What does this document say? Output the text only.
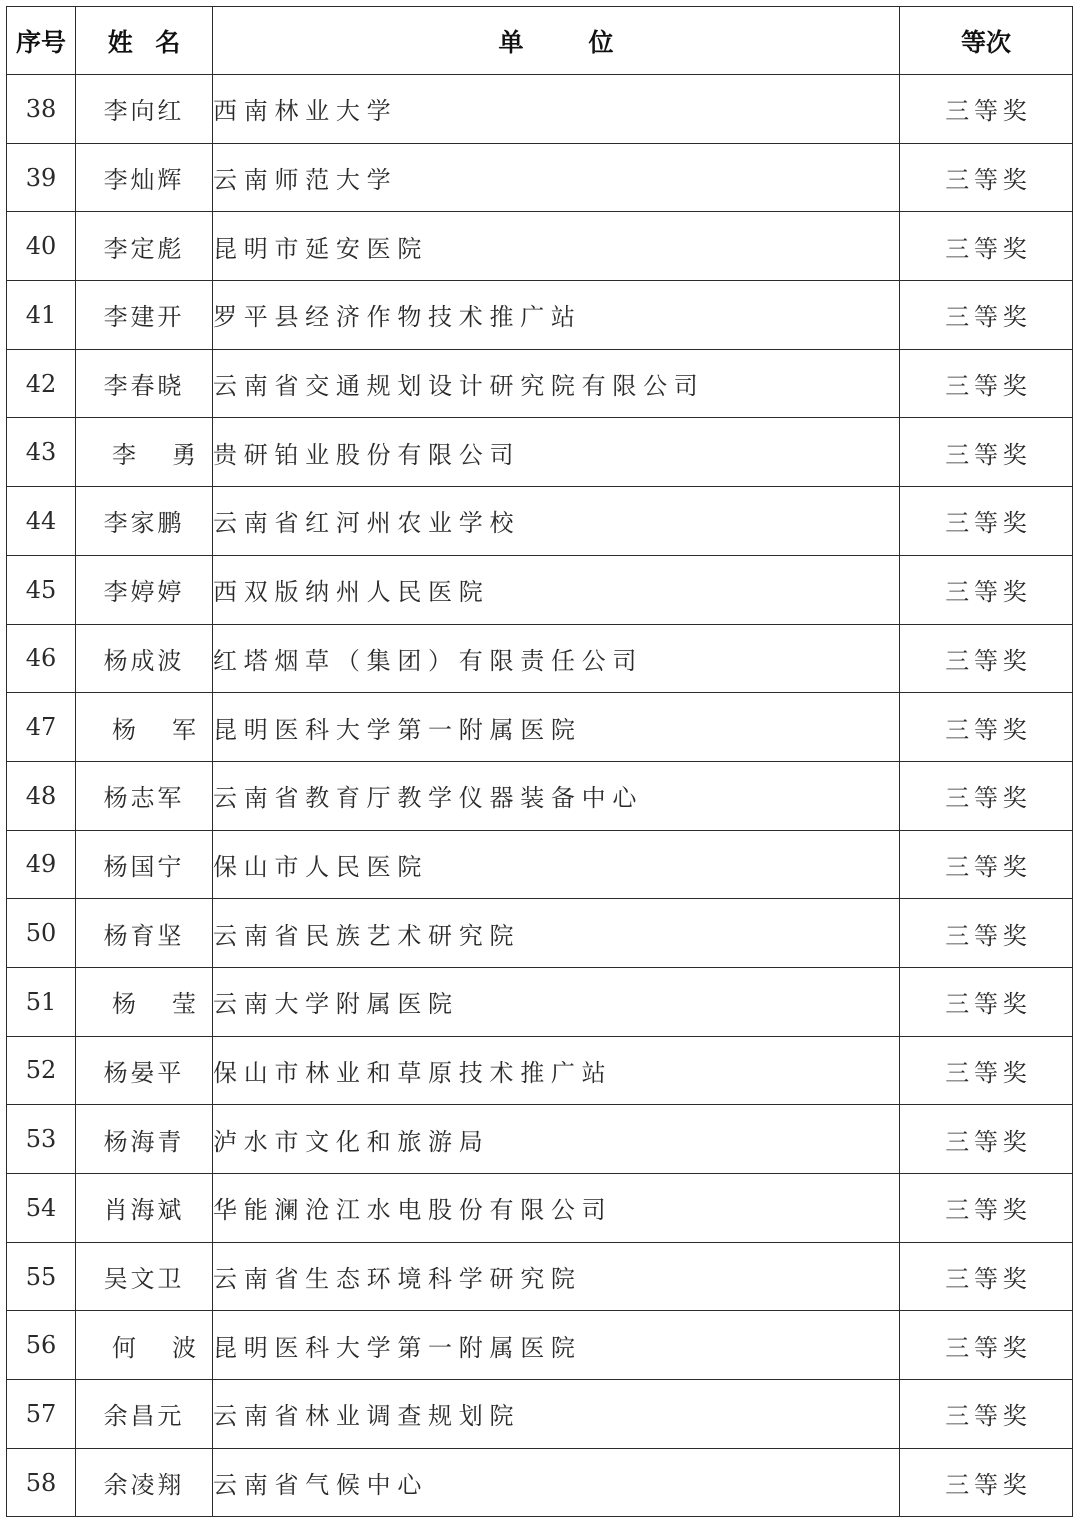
序号	姓名	单位	等次
38	李向红	西南林业大学	三等奖
39	李灿辉	云南师范大学	三等奖
40	李定彪	昆明市延安医院	三等奖
41	李建开	罗平县经济作物技术推广站	三等奖
42	李春晓	云南省交通规划设计研究院有限公司	三等奖
43	李勇	贵研铂业股份有限公司	三等奖
44	李家鹏	云南省红河州农业学校	三等奖
45	李婷婷	西双版纳州人民医院	三等奖
46	杨成波	红塔烟草（集团）有限责任公司	三等奖
47	杨军	昆明医科大学第一附属医院	三等奖
48	杨志军	云南省教育厅教学仪器装备中心	三等奖
49	杨国宁	保山市人民医院	三等奖
50	杨育坚	云南省民族艺术研究院	三等奖
51	杨莹	云南大学附属医院	三等奖
52	杨晏平	保山市林业和草原技术推广站	三等奖
53	杨海青	泸水市文化和旅游局	三等奖
54	肖海斌	华能澜沧江水电股份有限公司	三等奖
55	吴文卫	云南省生态环境科学研究院	三等奖
56	何波	昆明医科大学第一附属医院	三等奖
57	余昌元	云南省林业调查规划院	三等奖
58	余凌翔	云南省气候中心	三等奖
